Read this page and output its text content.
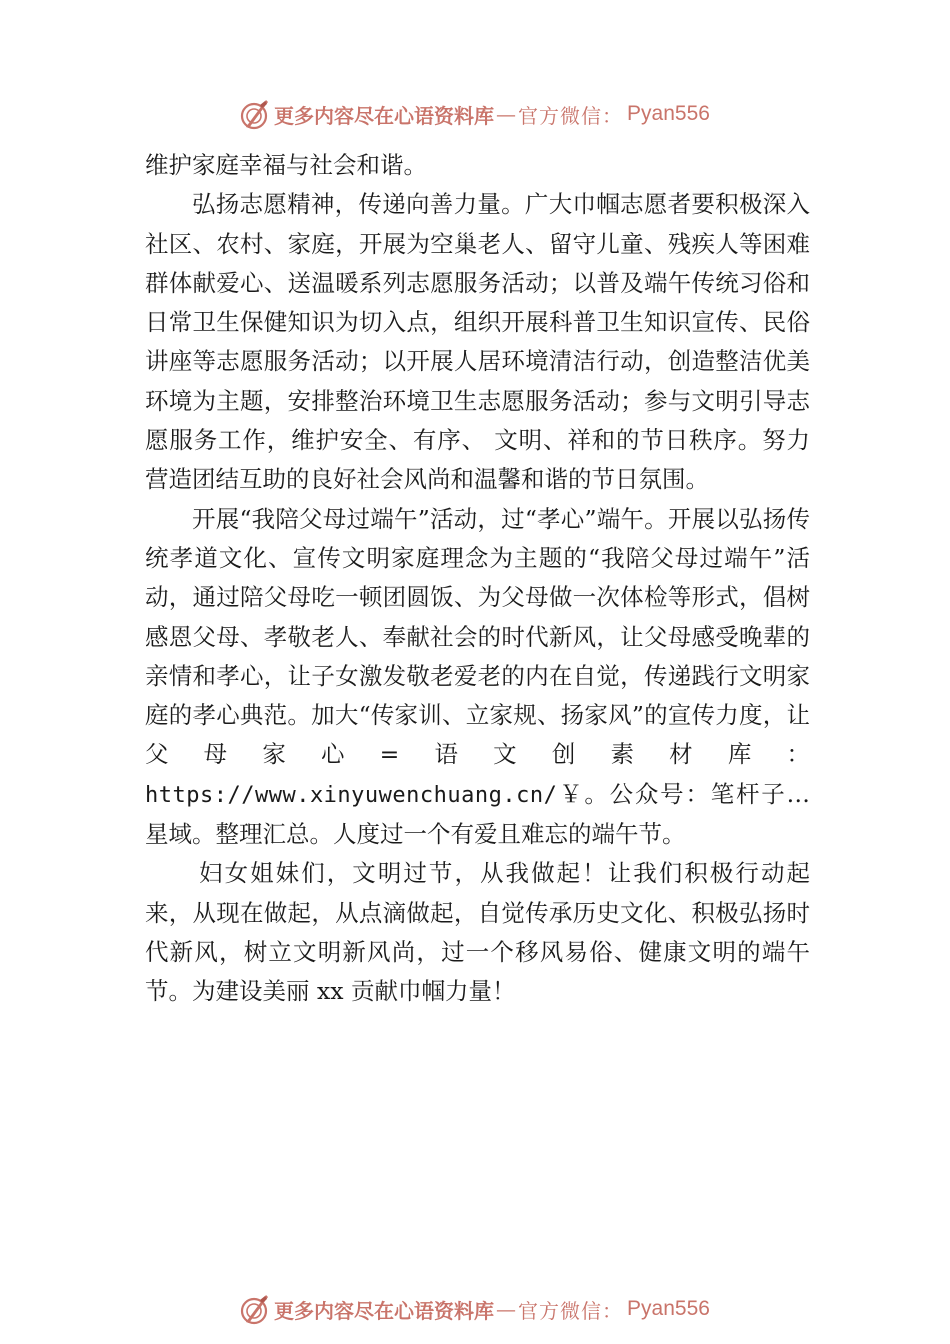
更多内容尽在心语资料库 — 官方微信： Pyan556

维护家庭幸福与社会和谐。

弘扬志愿精神，传递向善力量。广大巾帼志愿者要积极深入社区、农村、家庭，开展为空巢老人、留守儿童、残疾人等困难群体献爱心、送温暖系列志愿服务活动；以普及端午传统习俗和日常卫生保健知识为切入点，组织开展科普卫生知识宣传、民俗讲座等志愿服务活动；以开展人居环境清洁行动，创造整洁优美环境为主题，安排整治环境卫生志愿服务活动；参与文明引导志愿服务工作，维护安全、有序、 文明、祥和的节日秩序。努力营造团结互助的良好社会风尚和温馨和谐的节日氛围。

开展“我陪父母过端午”活动，过“孝心”端午。开展以弘扬传统孝道文化、宣传文明家庭理念为主题的“我陪父母过端午”活动，通过陪父母吃一顿团圆饭、为父母做一次体检等形式，倡树感恩父母、孝敬老人、奉献社会的时代新风，让父母感受晚辈的亲情和孝心，让子女激发敬老爱老的内在自觉，传递践行文明家庭的孝心典范。加大“传家训、立家规、扬家风”的宣传力度，让父母家心=语文创素材库：https://www.xinyuwenchuang.cn/￥。公众号：笔杆子…星域。整理汇总。人度过一个有爱且难忘的端午节。

妇女姐妹们，文明过节，从我做起！让我们积极行动起来，从现在做起，从点滴做起，自觉传承历史文化、积极弘扬时代新风，树立文明新风尚，过一个移风易俗、健康文明的端午节。为建设美丽 xx 贡献巾帼力量！

更多内容尽在心语资料库 — 官方微信： Pyan556
